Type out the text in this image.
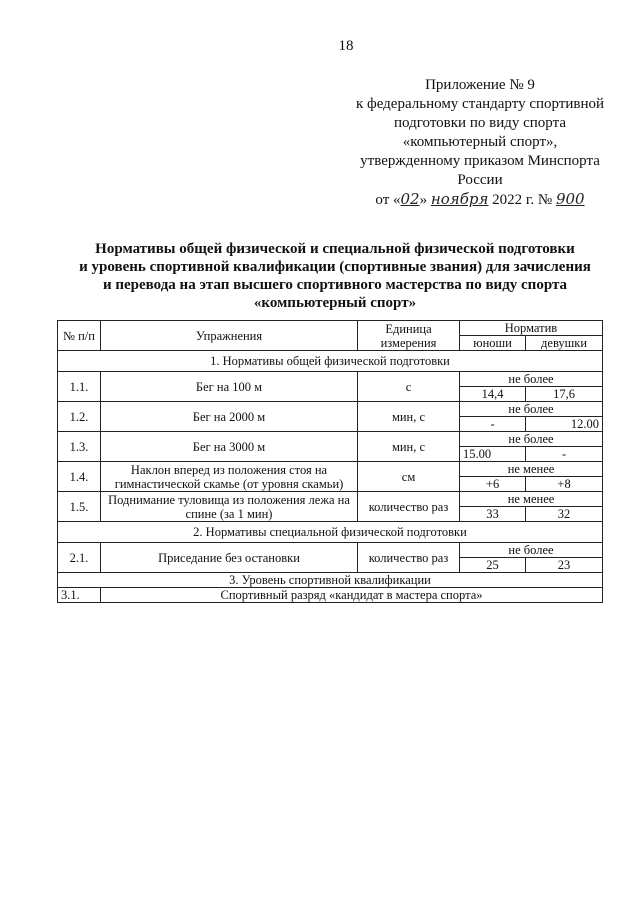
18
Приложение № 9
к федеральному стандарту спортивной
подготовки по виду спорта
«компьютерный спорт»,
утвержденному приказом Минспорта
России
от «02» ноября 2022 г. № 900
Нормативы общей физической и специальной физической подготовки
и уровень спортивной квалификации (спортивные звания) для зачисления
и перевода на этап высшего спортивного мастерства по виду спорта
«компьютерный спорт»
№ п/п	Упражнения	Единица измерения	Норматив	
			юноши	девушки
1. Нормативы общей физической подготовки				
1.1.	Бег на 100 м	с	не более	
			14,4	17,6
1.2.	Бег на 2000 м	мин, с	не более	
			-	12.00
1.3.	Бег на 3000 м	мин, с	не более	
			15.00	-
1.4.	Наклон вперед из положения стоя на гимнастической скамье (от уровня скамьи)	см	не менее	
			+6	+8
1.5.	Поднимание туловища из положения лежа на спине (за 1 мин)	количество раз	не менее	
			33	32
2. Нормативы специальной физической подготовки				
2.1.	Приседание без остановки	количество раз	не более	
			25	23
3. Уровень спортивной квалификации				
3.1.	Спортивный разряд «кандидат в мастера спорта»			
